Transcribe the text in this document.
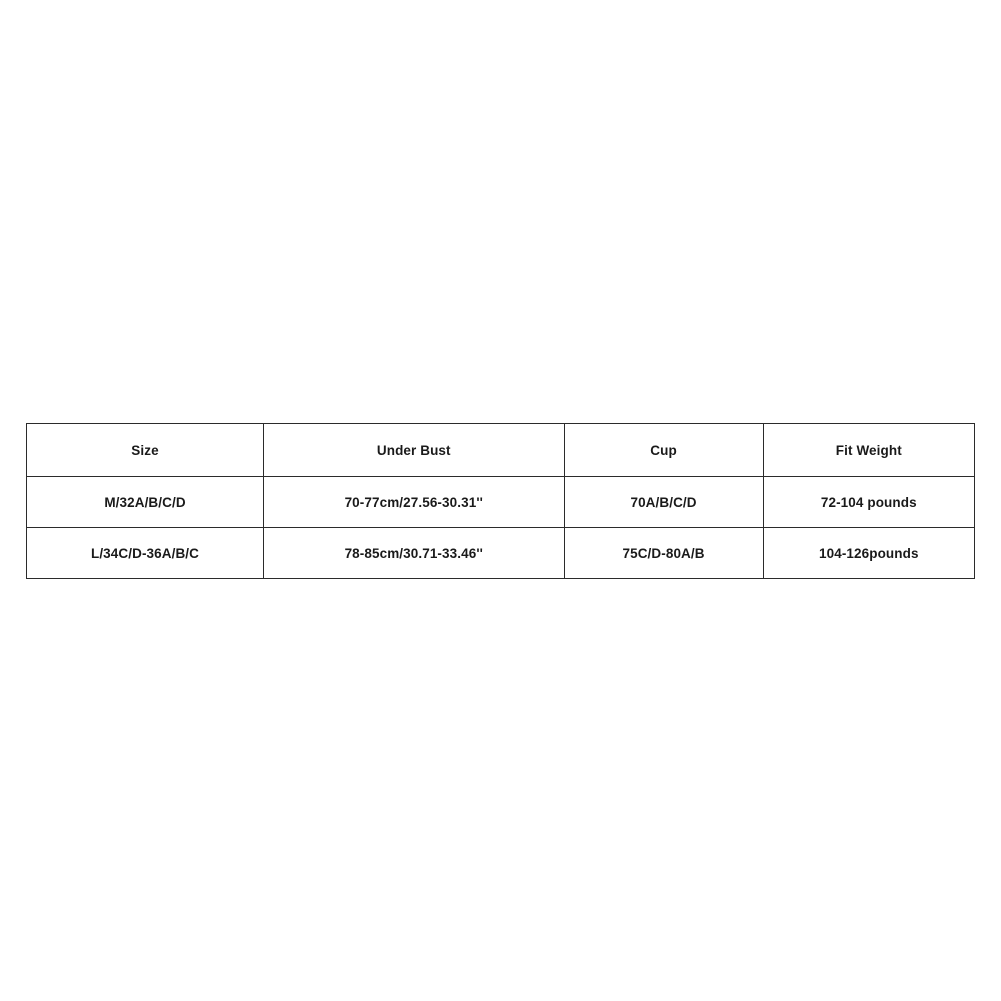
Size	Under Bust	Cup	Fit Weight
M/32A/B/C/D	70-77cm/27.56-30.31''	70A/B/C/D	72-104 pounds
L/34C/D-36A/B/C	78-85cm/30.71-33.46''	75C/D-80A/B	104-126pounds
